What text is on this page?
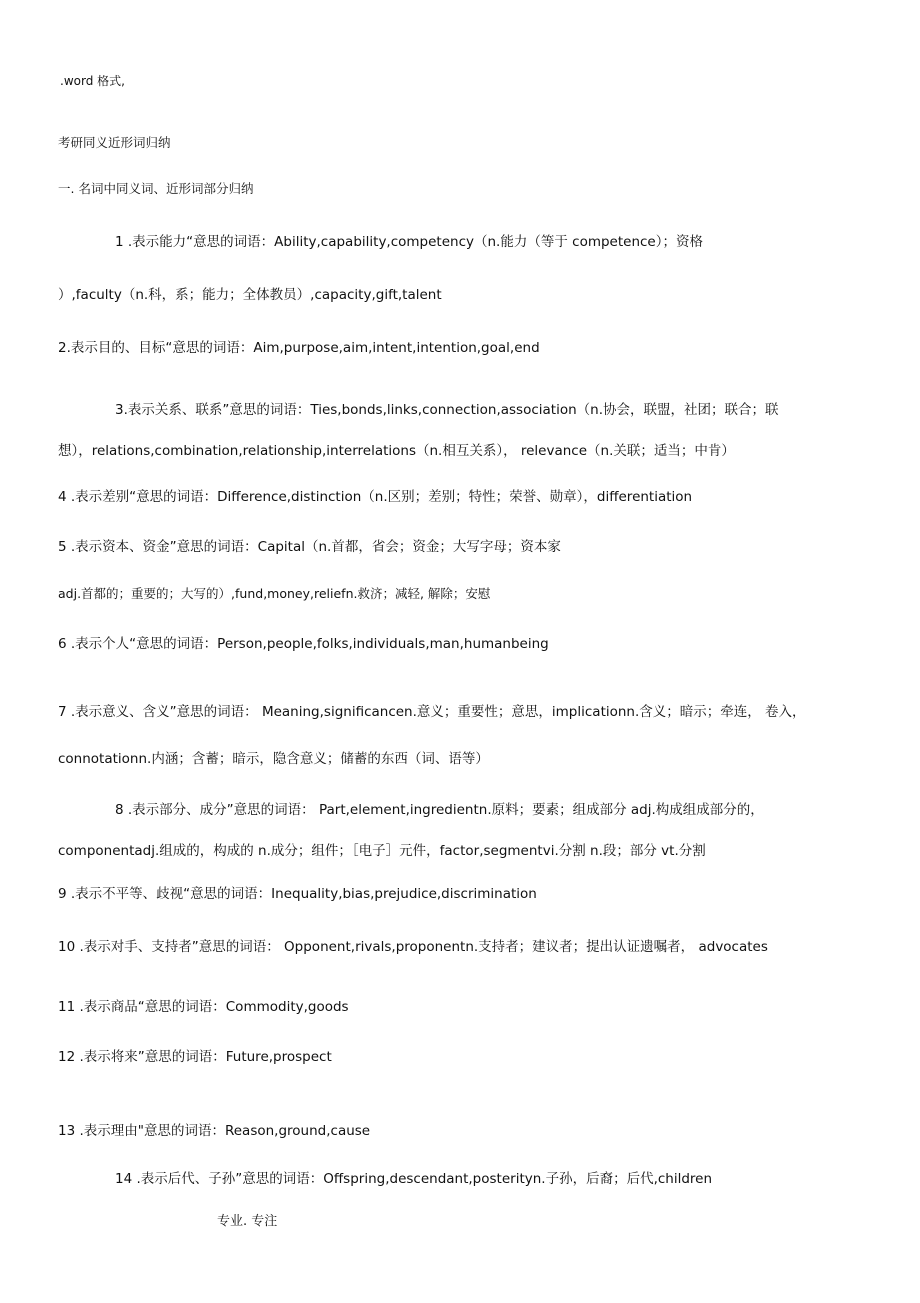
.word 格式,
考研同义近形词归纳
一. 名词中同义词、近形词部分归纳
1 .表示能力“意思的词语：Ability,capability,competency（n.能力（等于 competence）；资格
）,faculty（n.科，系；能力；全体教员）,capacity,gift,talent
2.表示目的、目标“意思的词语：Aim,purpose,aim,intent,intention,goal,end
3.表示关系、联系”意思的词语：Ties,bonds,links,connection,association（n.协会，联盟，社团；联合；联
想），relations,combination,relationship,interrelations（n.相互关系）， relevance（n.关联；适当；中肯）
4 .表示差别“意思的词语：Difference,distinction（n.区别；差别；特性；荣誉、勋章），differentiation
5 .表示资本、资金”意思的词语：Capital（n.首都，省会；资金；大写字母；资本家
adj.首都的；重要的；大写的）,fund,money,reliefn.救济；减轻, 解除；安慰
6 .表示个人“意思的词语：Person,people,folks,individuals,man,humanbeing
7 .表示意义、含义”意思的词语： Meaning,significancen.意义；重要性；意思，implicationn.含义；暗示；牵连， 卷入，
connotationn.内涵；含蓄；暗示，隐含意义；储蓄的东西（词、语等）
8 .表示部分、成分”意思的词语： Part,element,ingredientn.原料；要素；组成部分 adj.构成组成部分的，
componentadj.组成的，构成的 n.成分；组件；［电子］元件，factor,segmentvi.分割 n.段；部分 vt.分割
9 .表示不平等、歧视“意思的词语：Inequality,bias,prejudice,discrimination
10 .表示对手、支持者”意思的词语： Opponent,rivals,proponentn.支持者；建议者；提出认证遗嘱者， advocates
11 .表示商品“意思的词语：Commodity,goods
12 .表示将来”意思的词语：Future,prospect
13 .表示理由"意思的词语：Reason,ground,cause
14 .表示后代、子孙”意思的词语：Offspring,descendant,posterityn.子孙，后裔；后代,children
专业. 专注
